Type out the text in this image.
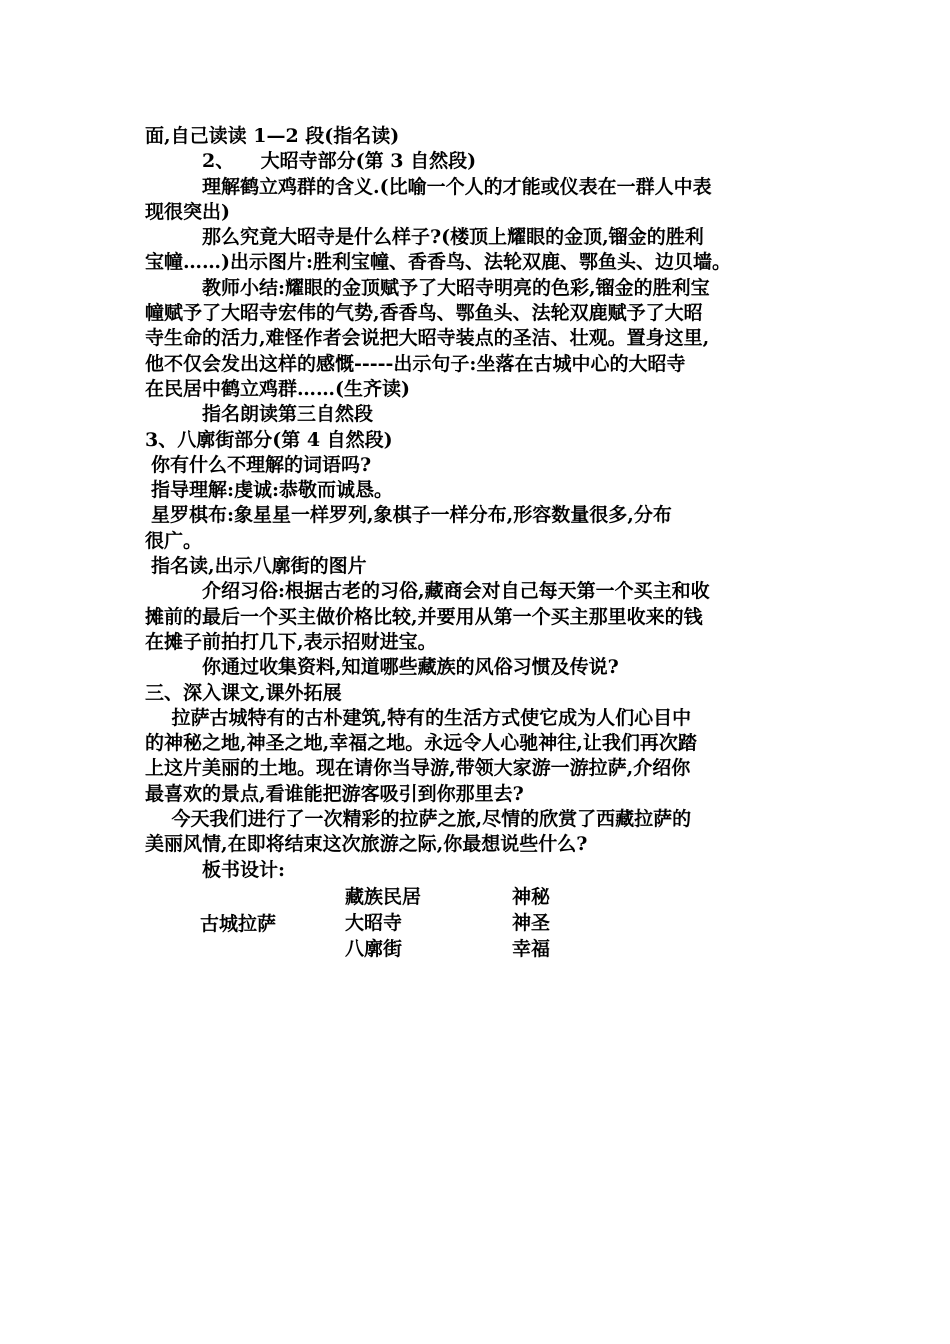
面,自己读读 1—2 段(指名读)

2、    大昭寺部分(第 3 自然段)

理解鹤立鸡群的含义.(比喻一个人的才能或仪表在一群人中表

现很突出)

那么究竟大昭寺是什么样子?(楼顶上耀眼的金顶,镏金的胜利

宝幢……)出示图片:胜利宝幢、香香鸟、法轮双鹿、鄂鱼头、边贝墙。

教师小结:耀眼的金顶赋予了大昭寺明亮的色彩,镏金的胜利宝

幢赋予了大昭寺宏伟的气势,香香鸟、鄂鱼头、法轮双鹿赋予了大昭

寺生命的活力,难怪作者会说把大昭寺装点的圣洁、壮观。置身这里,

他不仅会发出这样的感慨-----出示句子:坐落在古城中心的大昭寺

在民居中鹤立鸡群……(生齐读)

指名朗读第三自然段

3、八廓街部分(第 4 自然段)

你有什么不理解的词语吗?

指导理解:虔诚:恭敬而诚恳。

星罗棋布:象星星一样罗列,象棋子一样分布,形容数量很多,分布

很广。

指名读,出示八廓街的图片

介绍习俗:根据古老的习俗,藏商会对自己每天第一个买主和收

摊前的最后一个买主做价格比较,并要用从第一个买主那里收来的钱

在摊子前拍打几下,表示招财进宝。

你通过收集资料,知道哪些藏族的风俗习惯及传说?

三、深入课文,课外拓展

拉萨古城特有的古朴建筑,特有的生活方式使它成为人们心目中

的神秘之地,神圣之地,幸福之地。永远令人心驰神往,让我们再次踏

上这片美丽的土地。现在请你当导游,带领大家游一游拉萨,介绍你

最喜欢的景点,看谁能把游客吸引到你那里去?

今天我们进行了一次精彩的拉萨之旅,尽情的欣赏了西藏拉萨的

美丽风情,在即将结束这次旅游之际,你最想说些什么?

板书设计:

古城拉萨
藏族民居
大昭寺
八廓街
神秘
神圣
幸福
